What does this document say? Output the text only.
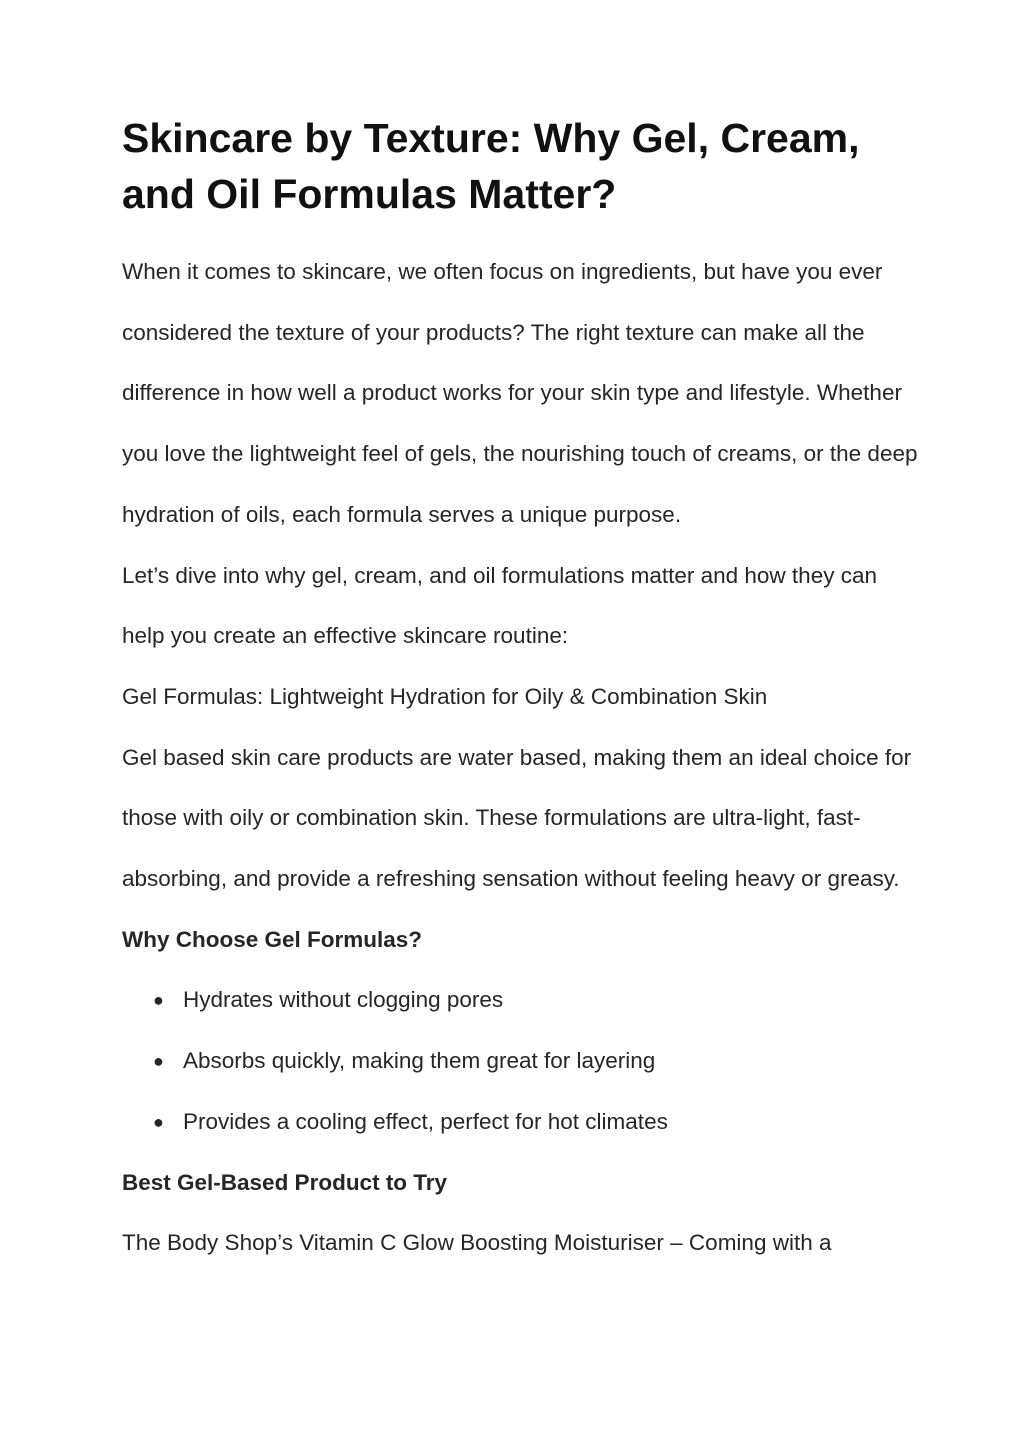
Skincare by Texture: Why Gel, Cream, and Oil Formulas Matter?

When it comes to skincare, we often focus on ingredients, but have you ever considered the texture of your products? The right texture can make all the difference in how well a product works for your skin type and lifestyle. Whether you love the lightweight feel of gels, the nourishing touch of creams, or the deep hydration of oils, each formula serves a unique purpose.

Let’s dive into why gel, cream, and oil formulations matter and how they can help you create an effective skincare routine:

Gel Formulas: Lightweight Hydration for Oily & Combination Skin

Gel based skin care products are water based, making them an ideal choice for those with oily or combination skin. These formulations are ultra-light, fast-absorbing, and provide a refreshing sensation without feeling heavy or greasy.

Why Choose Gel Formulas?

● Hydrates without clogging pores
● Absorbs quickly, making them great for layering
● Provides a cooling effect, perfect for hot climates

Best Gel-Based Product to Try

The Body Shop’s Vitamin C Glow Boosting Moisturiser – Coming with a
